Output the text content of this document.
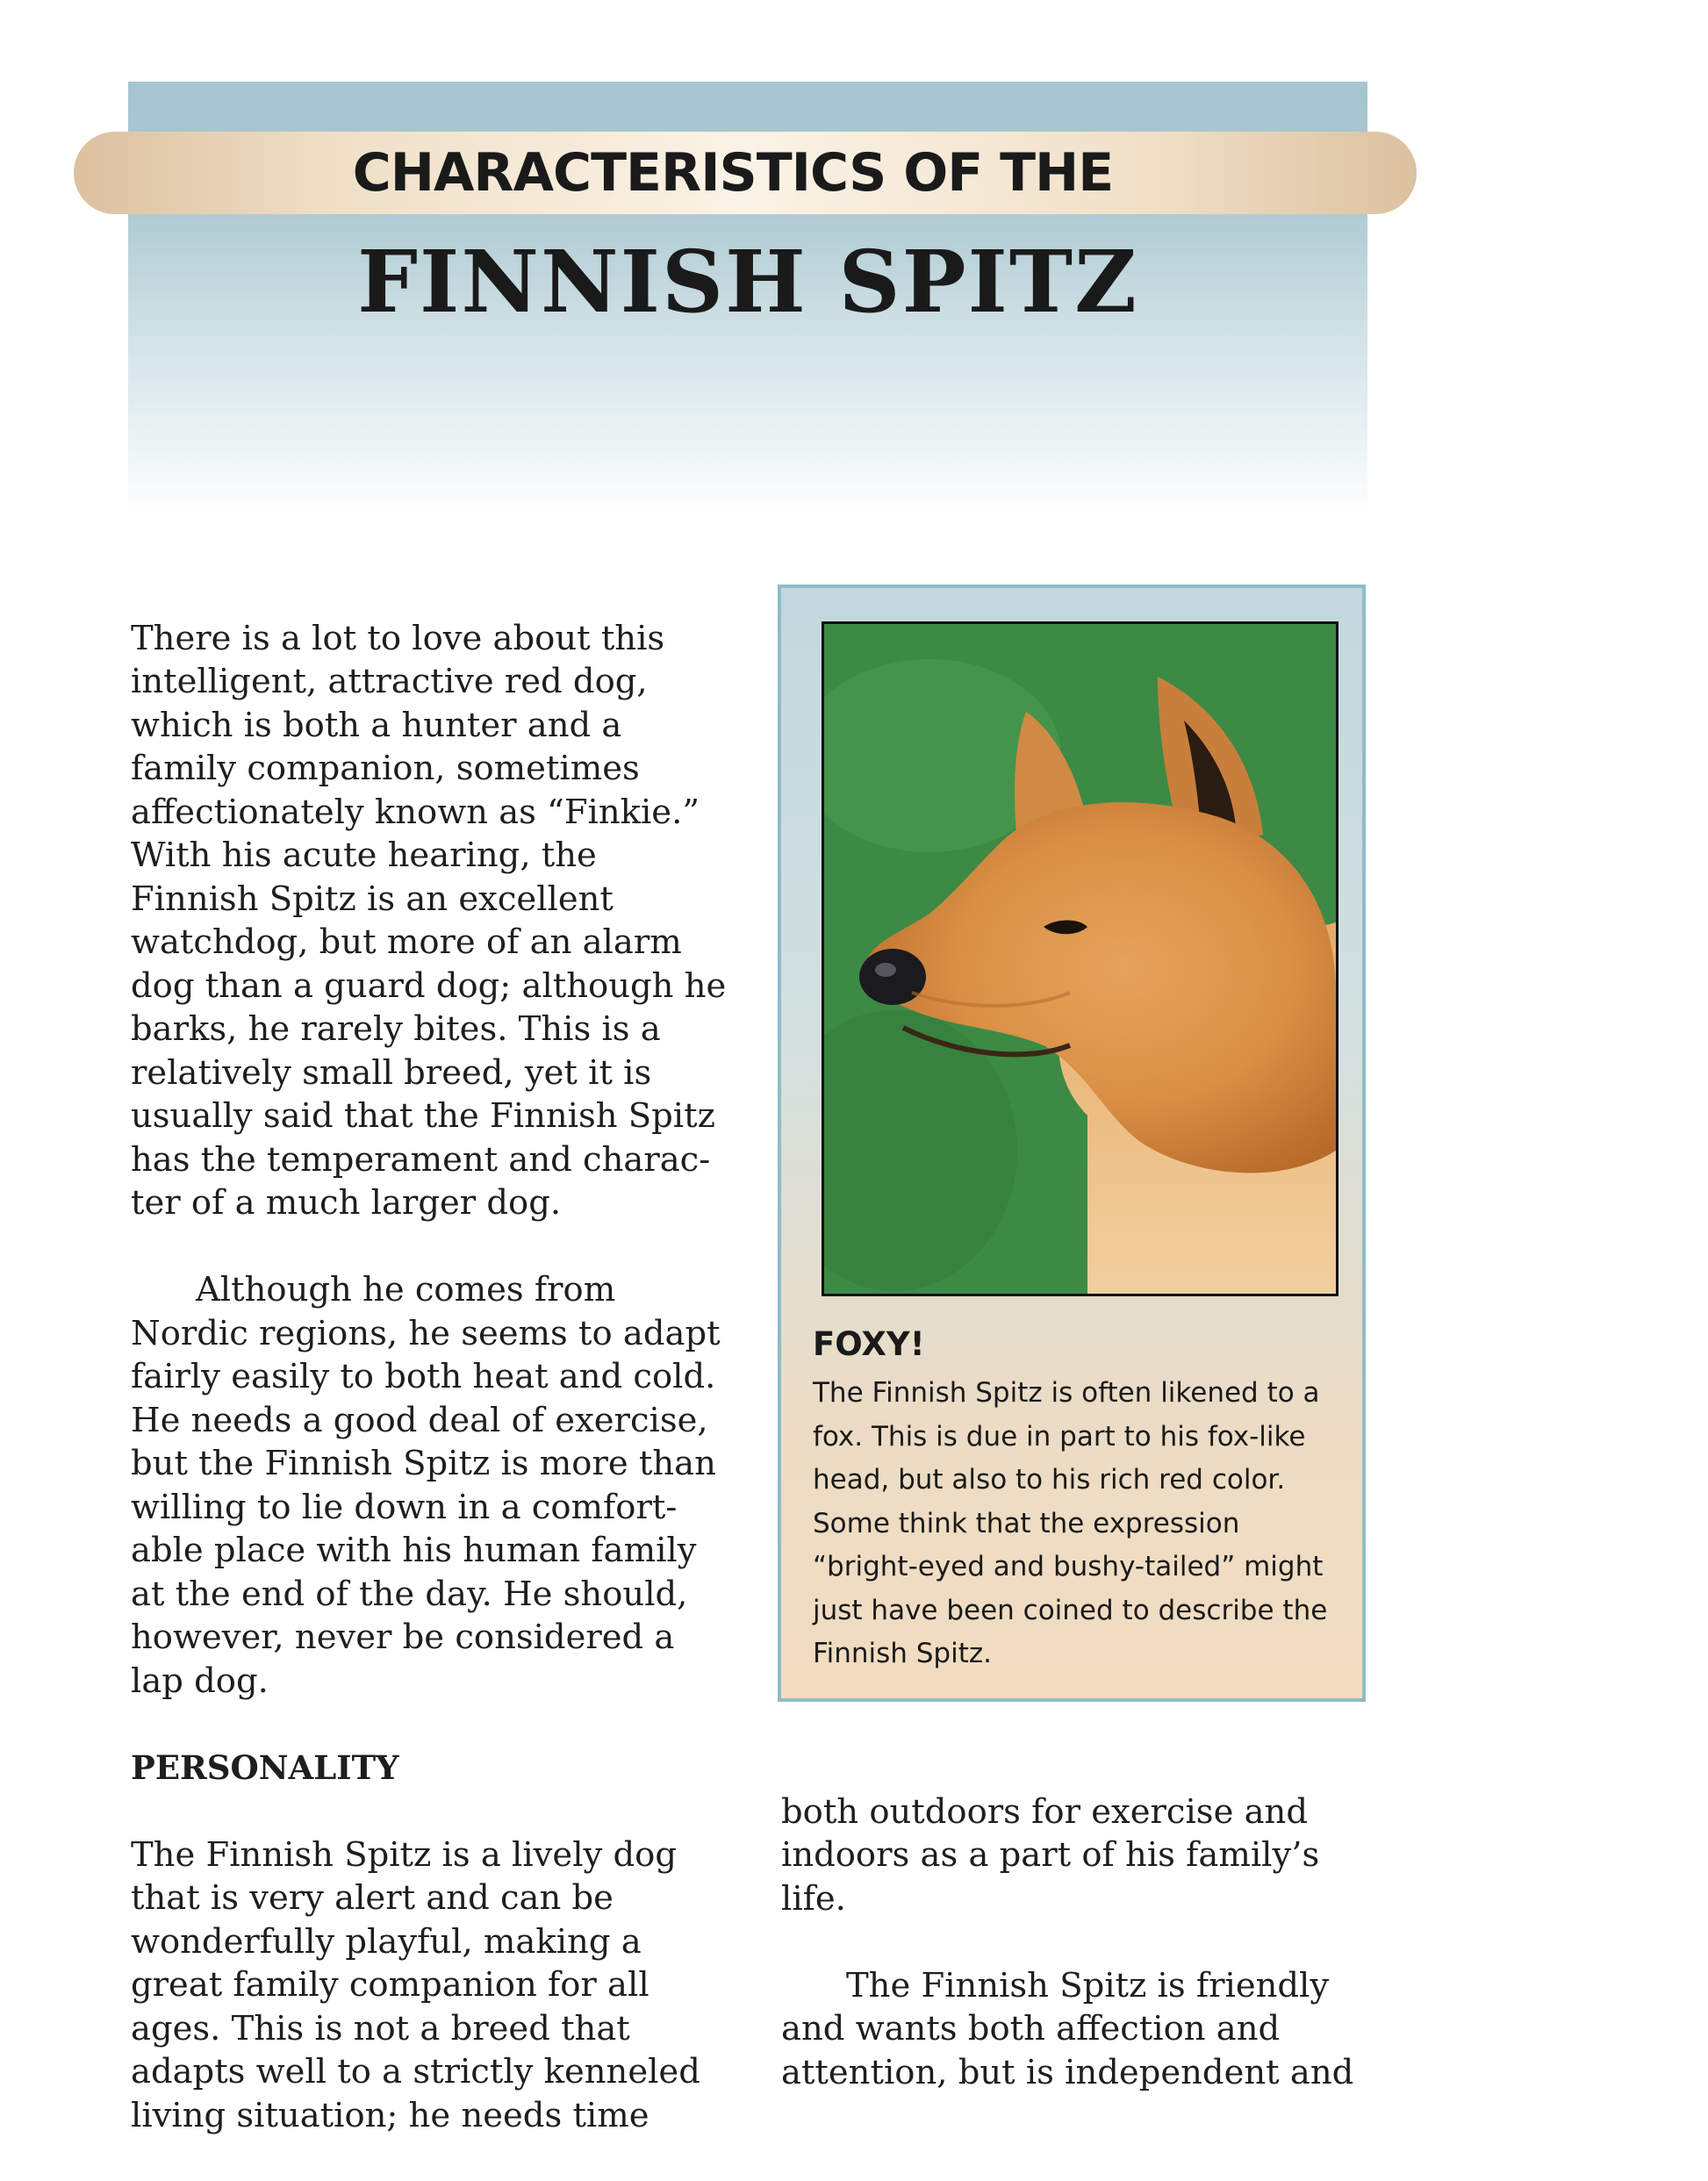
CHARACTERISTICS OF THE
FINNISH SPITZ

There is a lot to love about this
intelligent, attractive red dog,
which is both a hunter and a
family companion, sometimes
affectionately known as “Finkie.”
With his acute hearing, the
Finnish Spitz is an excellent
watchdog, but more of an alarm
dog than a guard dog; although he
barks, he rarely bites. This is a
relatively small breed, yet it is
usually said that the Finnish Spitz
has the temperament and charac-
ter of a much larger dog.

Although he comes from
Nordic regions, he seems to adapt
fairly easily to both heat and cold.
He needs a good deal of exercise,
but the Finnish Spitz is more than
willing to lie down in a comfort-
able place with his human family
at the end of the day. He should,
however, never be considered a
lap dog.

PERSONALITY

The Finnish Spitz is a lively dog
that is very alert and can be
wonderfully playful, making a
great family companion for all
ages. This is not a breed that
adapts well to a strictly kenneled
living situation; he needs time

FOXY!
The Finnish Spitz is often likened to a
fox. This is due in part to his fox-like
head, but also to his rich red color.
Some think that the expression
“bright-eyed and bushy-tailed” might
just have been coined to describe the
Finnish Spitz.

both outdoors for exercise and
indoors as a part of his family’s
life.

The Finnish Spitz is friendly
and wants both affection and
attention, but is independent and
